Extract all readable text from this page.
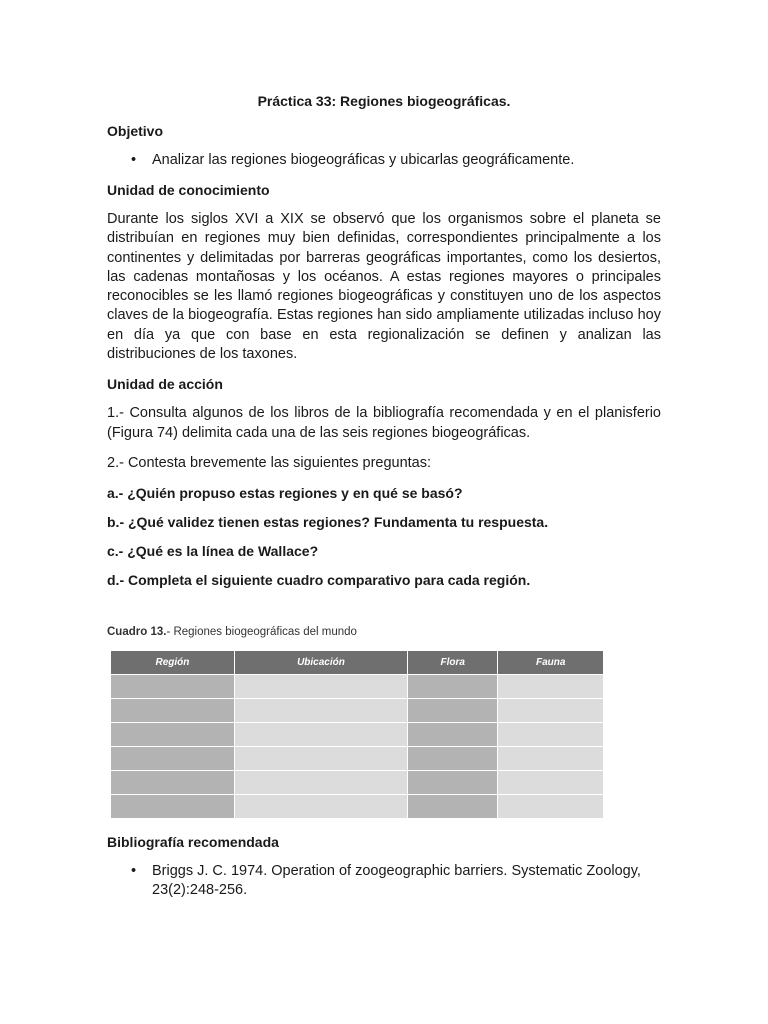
Práctica 33: Regiones biogeográficas.
Objetivo
• Analizar las regiones biogeográficas y ubicarlas geográficamente.
Unidad de conocimiento
Durante los siglos XVI a XIX se observó que los organismos sobre el planeta se distribuían en regiones muy bien definidas, correspondientes principalmente a los continentes y delimitadas por barreras geográficas importantes, como los desiertos, las cadenas montañosas y los océanos. A estas regiones mayores o principales reconocibles se les llamó regiones biogeográficas y constituyen uno de los aspectos claves de la biogeografía. Estas regiones han sido ampliamente utilizadas incluso hoy en día ya que con base en esta regionalización se definen y analizan las distribuciones de los taxones.
Unidad de acción
1.- Consulta algunos de los libros de la bibliografía recomendada y en el planisferio (Figura 74) delimita cada una de las seis regiones biogeográficas.
2.- Contesta brevemente las siguientes preguntas:
a.- ¿Quién propuso estas regiones y en qué se basó?
b.- ¿Qué validez tienen estas regiones? Fundamenta tu respuesta.
c.- ¿Qué es la línea de Wallace?
d.- Completa el siguiente cuadro comparativo para cada región.
Cuadro 13.- Regiones biogeográficas del mundo
Región	Ubicación	Flora	Fauna

Bibliografía recomendada
• Briggs J. C. 1974. Operation of zoogeographic barriers. Systematic Zoology, 23(2):248-256.
